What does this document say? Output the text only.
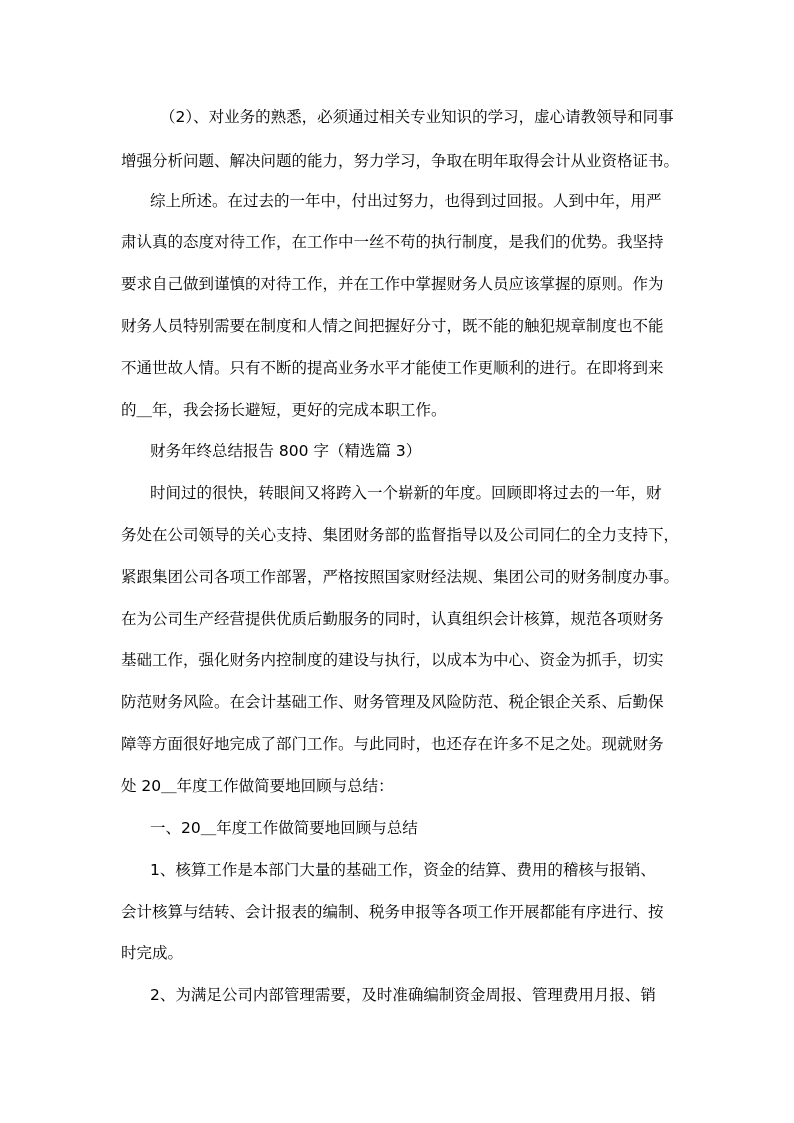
（2）、对业务的熟悉，必须通过相关专业知识的学习，虚心请教领导和同事
增强分析问题、解决问题的能力，努力学习，争取在明年取得会计从业资格证书。
综上所述。在过去的一年中，付出过努力，也得到过回报。人到中年，用严
肃认真的态度对待工作，在工作中一丝不苟的执行制度，是我们的优势。我坚持
要求自己做到谨慎的对待工作，并在工作中掌握财务人员应该掌握的原则。作为
财务人员特别需要在制度和人情之间把握好分寸，既不能的触犯规章制度也不能
不通世故人情。只有不断的提高业务水平才能使工作更顺利的进行。在即将到来
的＿年，我会扬长避短，更好的完成本职工作。
财务年终总结报告 800 字（精选篇 3）
时间过的很快，转眼间又将跨入一个崭新的年度。回顾即将过去的一年，财
务处在公司领导的关心支持、集团财务部的监督指导以及公司同仁的全力支持下，
紧跟集团公司各项工作部署，严格按照国家财经法规、集团公司的财务制度办事。
在为公司生产经营提供优质后勤服务的同时，认真组织会计核算，规范各项财务
基础工作，强化财务内控制度的建设与执行，以成本为中心、资金为抓手，切实
防范财务风险。在会计基础工作、财务管理及风险防范、税企银企关系、后勤保
障等方面很好地完成了部门工作。与此同时，也还存在许多不足之处。现就财务
处 20＿年度工作做简要地回顾与总结：
一、20＿年度工作做简要地回顾与总结
1、核算工作是本部门大量的基础工作，资金的结算、费用的稽核与报销、
会计核算与结转、会计报表的编制、税务申报等各项工作开展都能有序进行、按
时完成。
2、为满足公司内部管理需要，及时准确编制资金周报、管理费用月报、销
